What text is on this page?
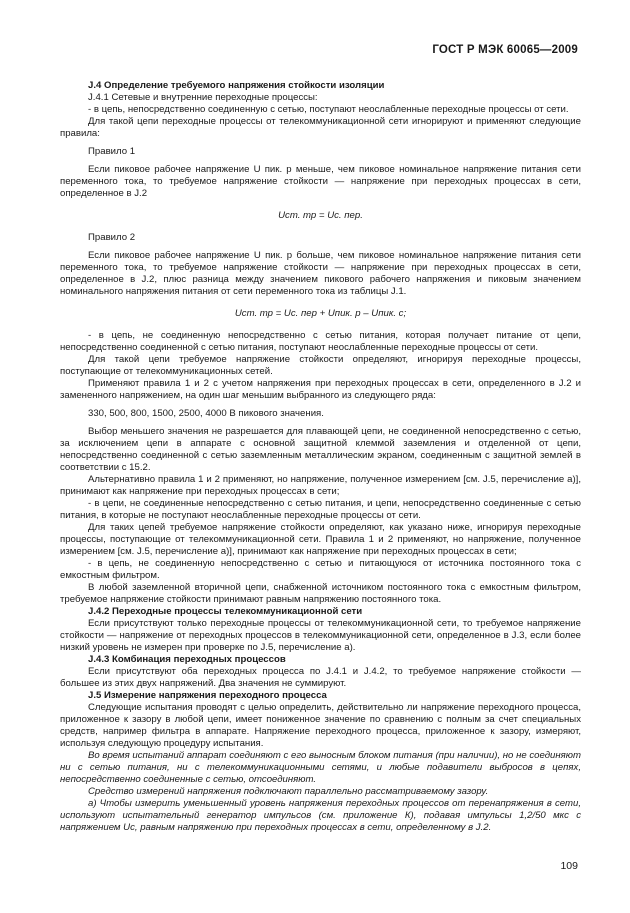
ГОСТ Р МЭК 60065—2009

J.4 Определение требуемого напряжения стойкости изоляции

J.4.1 Сетевые и внутренние переходные процессы:

- в цепь, непосредственно соединенную с сетью, поступают неослабленные переходные процессы от сети.

Для такой цепи переходные процессы от телекоммуникационной сети игнорируют и применяют следующие правила:

Правило 1

Если пиковое рабочее напряжение U пик. р меньше, чем пиковое номинальное напряжение питания сети переменного тока, то требуемое напряжение стойкости — напряжение при переходных процессах в сети, определенное в J.2

Uст. тр = Uс. пер.

Правило 2

Если пиковое рабочее напряжение U пик. р больше, чем пиковое номинальное напряжение питания сети переменного тока, то требуемое напряжение стойкости — напряжение при переходных процессах в сети, определенное в J.2, плюс разница между значением пикового рабочего напряжения и пиковым значением номинального напряжения питания от сети переменного тока из таблицы J.1.

Uст. тр = Uс. пер + Uпик. р – Uпик. с;

- в цепь, не соединенную непосредственно с сетью питания, которая получает питание от цепи, непосредственно соединенной с сетью питания, поступают неослабленные переходные процессы от сети.

Для такой цепи требуемое напряжение стойкости определяют, игнорируя переходные процессы, поступающие от телекоммуникационных сетей.

Применяют правила 1 и 2 с учетом напряжения при переходных процессах в сети, определенного в J.2 и замененного напряжением, на один шаг меньшим выбранного из следующего ряда:

330, 500, 800, 1500, 2500, 4000 В пикового значения.

Выбор меньшего значения не разрешается для плавающей цепи, не соединенной непосредственно с сетью, за исключением цепи в аппарате с основной защитной клеммой заземления и отделенной от цепи, непосредственно соединенной с сетью заземленным металлическим экраном, соединенным с защитной землей в соответствии с 15.2.

Альтернативно правила 1 и 2 применяют, но напряжение, полученное измерением [см. J.5, перечисление а)], принимают как напряжение при переходных процессах в сети;

- в цепи, не соединенные непосредственно с сетью питания, и цепи, непосредственно соединенные с сетью питания, в которые не поступают неослабленные переходные процессы от сети.

Для таких цепей требуемое напряжение стойкости определяют, как указано ниже, игнорируя переходные процессы, поступающие от телекоммуникационной сети. Правила 1 и 2 применяют, но напряжение, полученное измерением [см. J.5, перечисление а)], принимают как напряжение при переходных процессах в сети;

- в цепь, не соединенную непосредственно с сетью и питающуюся от источника постоянного тока с емкостным фильтром.

В любой заземленной вторичной цепи, снабженной источником постоянного тока с емкостным фильтром, требуемое напряжение стойкости принимают равным напряжению постоянного тока.

J.4.2 Переходные процессы телекоммуникационной сети

Если присутствуют только переходные процессы от телекоммуникационной сети, то требуемое напряжение стойкости — напряжение от переходных процессов в телекоммуникационной сети, определенное в J.3, если более низкий уровень не измерен при проверке по J.5, перечисление а).

J.4.3 Комбинация переходных процессов

Если присутствуют оба переходных процесса по J.4.1 и J.4.2, то требуемое напряжение стойкости — большее из этих двух напряжений. Два значения не суммируют.

J.5 Измерение напряжения переходного процесса

Следующие испытания проводят с целью определить, действительно ли напряжение переходного процесса, приложенное к зазору в любой цепи, имеет пониженное значение по сравнению с полным за счет специальных средств, например фильтра в аппарате. Напряжение переходного процесса, приложенное к зазору, измеряют, используя следующую процедуру испытания.

Во время испытаний аппарат соединяют с его выносным блоком питания (при наличии), но не соединяют ни с сетью питания, ни с телекоммуникационными сетями, и любые подавители выбросов в цепях, непосредственно соединенные с сетью, отсоединяют.

Средство измерений напряжения подключают параллельно рассматриваемому зазору.

а) Чтобы измерить уменьшенный уровень напряжения переходных процессов от перенапряжения в сети, используют испытательный генератор импульсов (см. приложение К), подавая импульсы 1,2/50 мкс с напряжением Uc, равным напряжению при переходных процессах в сети, определенному в J.2.

109
